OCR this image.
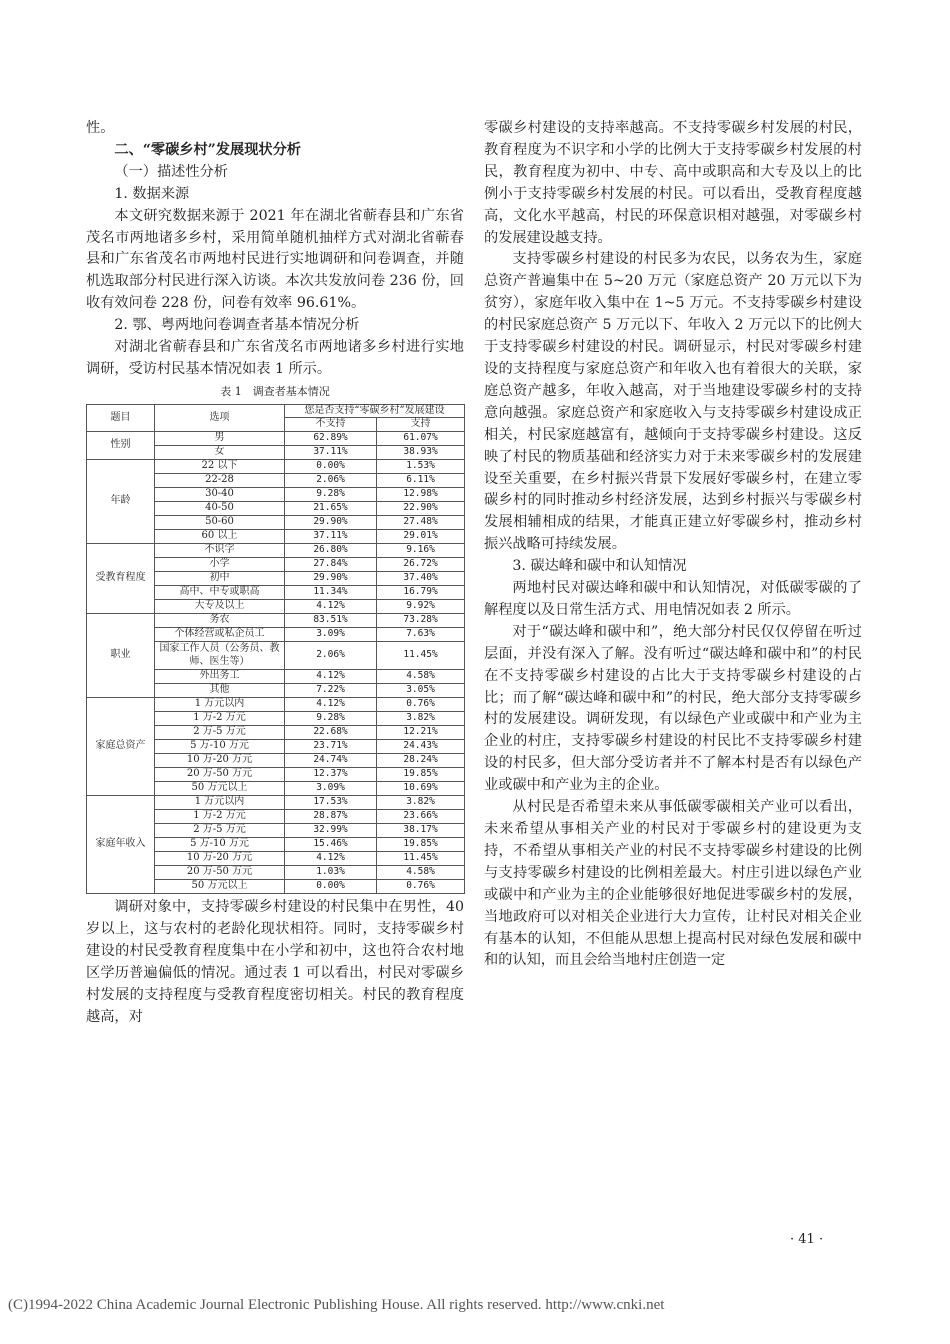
性。

二、“零碳乡村”发展现状分析

（一）描述性分析

1. 数据来源

本文研究数据来源于 2021 年在湖北省蕲春县和广东省茂名市两地诸多乡村，采用简单随机抽样方式对湖北省蕲春县和广东省茂名市两地村民进行实地调研和问卷调查，并随机选取部分村民进行深入访谈。本次共发放问卷 236 份，回收有效问卷 228 份，问卷有效率 96.61%。

2. 鄂、粤两地问卷调查者基本情况分析

对湖北省蕲春县和广东省茂名市两地诸多乡村进行实地调研，受访村民基本情况如表 1 所示。

表 1　调查者基本情况
题目	选项	您是否支持“零碳乡村”发展建设	
		不支持	支持
性别	男	62.89%	61.07%
	女	37.11%	38.93%
年龄	22 以下	0.00%	1.53%
	22-28	2.06%	6.11%
	30-40	9.28%	12.98%
	40-50	21.65%	22.90%
	50-60	29.90%	27.48%
	60 以上	37.11%	29.01%
受教育程度	不识字	26.80%	9.16%
	小学	27.84%	26.72%
	初中	29.90%	37.40%
	高中、中专或职高	11.34%	16.79%
	大专及以上	4.12%	9.92%
职业	务农	83.51%	73.28%
	个体经营或私企员工	3.09%	7.63%
	国家工作人员（公务员、教师、医生等）	2.06%	11.45%
	外出务工	4.12%	4.58%
	其他	7.22%	3.05%
家庭总资产	1 万元以内	4.12%	0.76%
	1 万-2 万元	9.28%	3.82%
	2 万-5 万元	22.68%	12.21%
	5 万-10 万元	23.71%	24.43%
	10 万-20 万元	24.74%	28.24%
	20 万-50 万元	12.37%	19.85%
	50 万元以上	3.09%	10.69%
家庭年收入	1 万元以内	17.53%	3.82%
	1 万-2 万元	28.87%	23.66%
	2 万-5 万元	32.99%	38.17%
	5 万-10 万元	15.46%	19.85%
	10 万-20 万元	4.12%	11.45%
	20 万-50 万元	1.03%	4.58%
	50 万元以上	0.00%	0.76%

调研对象中，支持零碳乡村建设的村民集中在男性，40 岁以上，这与农村的老龄化现状相符。同时，支持零碳乡村建设的村民受教育程度集中在小学和初中，这也符合农村地区学历普遍偏低的情况。通过表 1 可以看出，村民对零碳乡村发展的支持程度与受教育程度密切相关。村民的教育程度越高，对

零碳乡村建设的支持率越高。不支持零碳乡村发展的村民，教育程度为不识字和小学的比例大于支持零碳乡村发展的村民，教育程度为初中、中专、高中或职高和大专及以上的比例小于支持零碳乡村发展的村民。可以看出，受教育程度越高，文化水平越高，村民的环保意识相对越强，对零碳乡村的发展建设越支持。

支持零碳乡村建设的村民多为农民，以务农为生，家庭总资产普遍集中在 5~20 万元（家庭总资产 20 万元以下为贫穷），家庭年收入集中在 1~5 万元。不支持零碳乡村建设的村民家庭总资产 5 万元以下、年收入 2 万元以下的比例大于支持零碳乡村建设的村民。调研显示，村民对零碳乡村建设的支持程度与家庭总资产和年收入也有着很大的关联，家庭总资产越多，年收入越高，对于当地建设零碳乡村的支持意向越强。家庭总资产和家庭收入与支持零碳乡村建设成正相关，村民家庭越富有，越倾向于支持零碳乡村建设。这反映了村民的物质基础和经济实力对于未来零碳乡村的发展建设至关重要，在乡村振兴背景下发展好零碳乡村，在建立零碳乡村的同时推动乡村经济发展，达到乡村振兴与零碳乡村发展相辅相成的结果，才能真正建立好零碳乡村，推动乡村振兴战略可持续发展。

3. 碳达峰和碳中和认知情况

两地村民对碳达峰和碳中和认知情况，对低碳零碳的了解程度以及日常生活方式、用电情况如表 2 所示。

对于“碳达峰和碳中和”，绝大部分村民仅仅停留在听过层面，并没有深入了解。没有听过“碳达峰和碳中和”的村民在不支持零碳乡村建设的占比大于支持零碳乡村建设的占比；而了解“碳达峰和碳中和”的村民，绝大部分支持零碳乡村的发展建设。调研发现，有以绿色产业或碳中和产业为主企业的村庄，支持零碳乡村建设的村民比不支持零碳乡村建设的村民多，但大部分受访者并不了解本村是否有以绿色产业或碳中和产业为主的企业。

从村民是否希望未来从事低碳零碳相关产业可以看出，未来希望从事相关产业的村民对于零碳乡村的建设更为支持，不希望从事相关产业的村民不支持零碳乡村建设的比例与支持零碳乡村建设的比例相差最大。村庄引进以绿色产业或碳中和产业为主的企业能够很好地促进零碳乡村的发展，当地政府可以对相关企业进行大力宣传，让村民对相关企业有基本的认知，不但能从思想上提高村民对绿色发展和碳中和的认知，而且会给当地村庄创造一定

· 41 ·
(C)1994-2022 China Academic Journal Electronic Publishing House. All rights reserved. http://www.cnki.net
